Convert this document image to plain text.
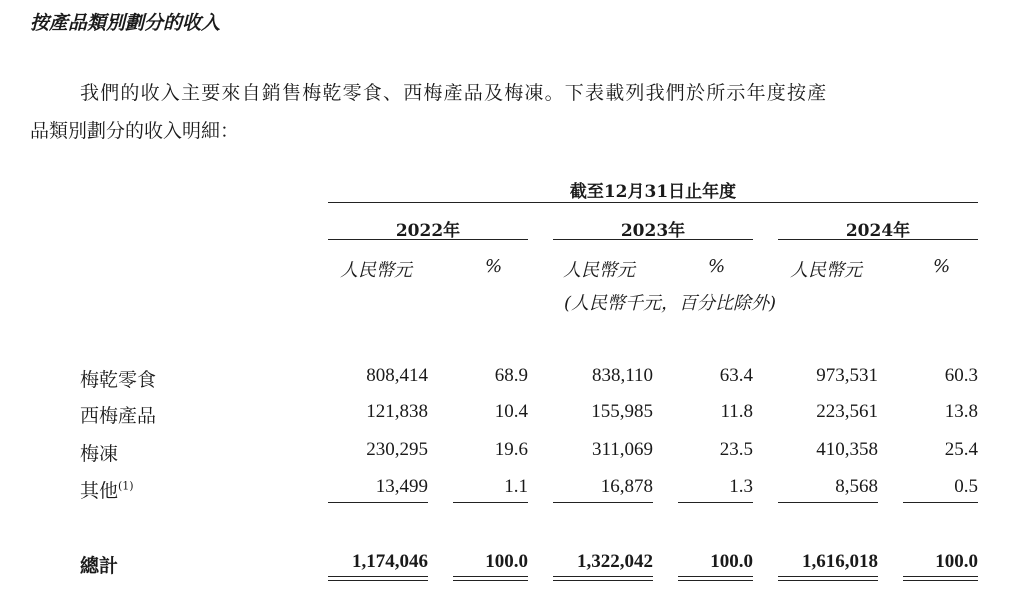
按產品類別劃分的收入
我們的收入主要來自銷售梅乾零食、西梅產品及梅凍。下表載列我們於所示年度按產
品類別劃分的收入明細：
截至12月31日止年度
2022年	2023年	2024年
人民幣元	%	人民幣元	%	人民幣元	%
(人民幣千元，百分比除外)
梅乾零食	808,414	68.9	838,110	63.4	973,531	60.3
西梅產品	121,838	10.4	155,985	11.8	223,561	13.8
梅凍	230,295	19.6	311,069	23.5	410,358	25.4
其他$^{(1)}$	13,499	1.1	16,878	1.3	8,568	0.5
總計	1,174,046	100.0	1,322,042	100.0	1,616,018	100.0
